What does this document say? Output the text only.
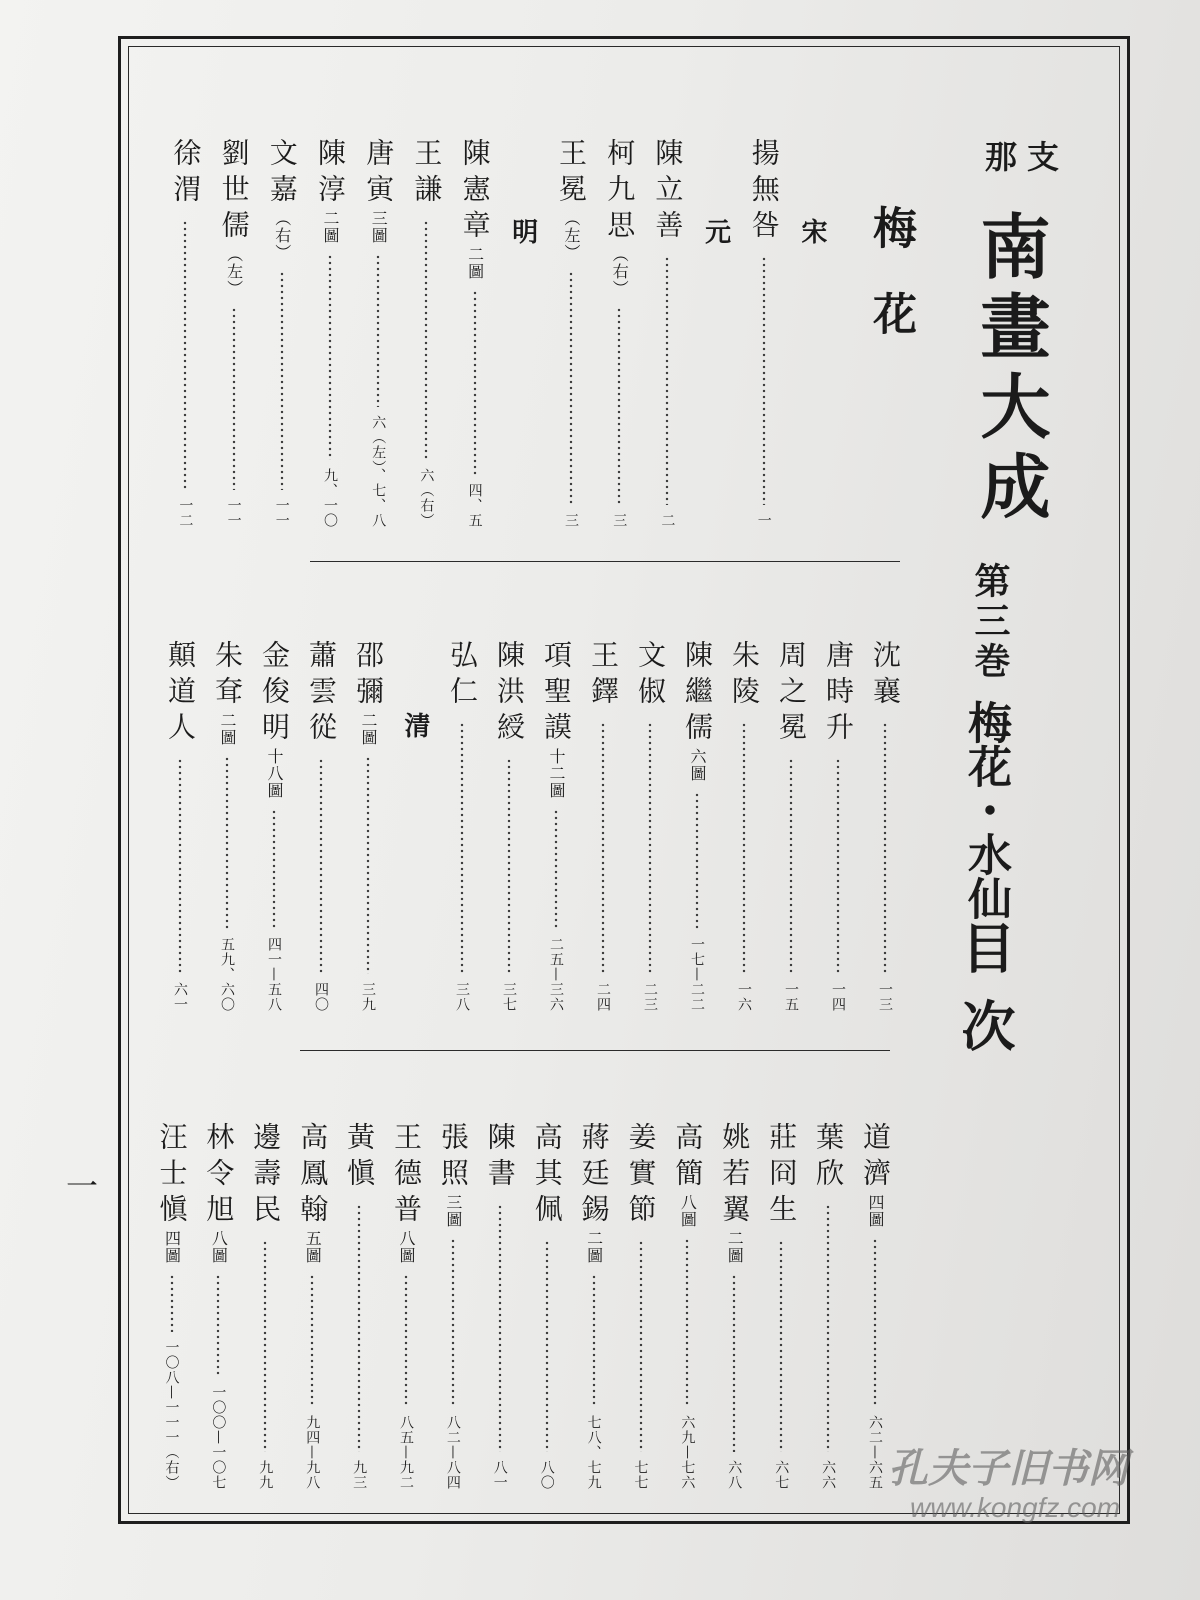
支那
南畫大成
第三巻
梅花・水仙
目次
梅花
宋
揚無咎
一
元
陳立善
二
柯九思（右）
三
王冕（左）
三
明
陳憲章二圖
四、五
王謙
六（右）
唐寅三圖
六（左）、七、八
陳淳二圖
九、一〇
文嘉（右）
一一
劉世儒（左）
一一
徐渭
一二
沈襄
一三
唐時升
一四
周之冕
一五
朱陵
一六
陳繼儒六圖
一七—二二
文俶
二三
王鐸
二四
項聖謨十二圖
二五—三六
陳洪綬
三七
弘仁
三八
清
邵彌二圖
三九
蕭雲從
四〇
金俊明十八圖
四一—五八
朱耷二圖
五九、六〇
顛道人
六一
道濟四圖
六二—六五
葉欣
六六
莊冏生
六七
姚若翼二圖
六八
高簡八圖
六九—七六
姜實節
七七
蔣廷錫二圖
七八、七九
高其佩
八〇
陳書
八一
張照三圖
八二—八四
王德普八圖
八五—九二
黃愼
九三
高鳳翰五圖
九四—九八
邊壽民
九九
林令旭八圖
一〇〇—一〇七
汪士愼四圖
一〇八—一一一（右）
一
孔夫子旧书网
www.kongfz.com
